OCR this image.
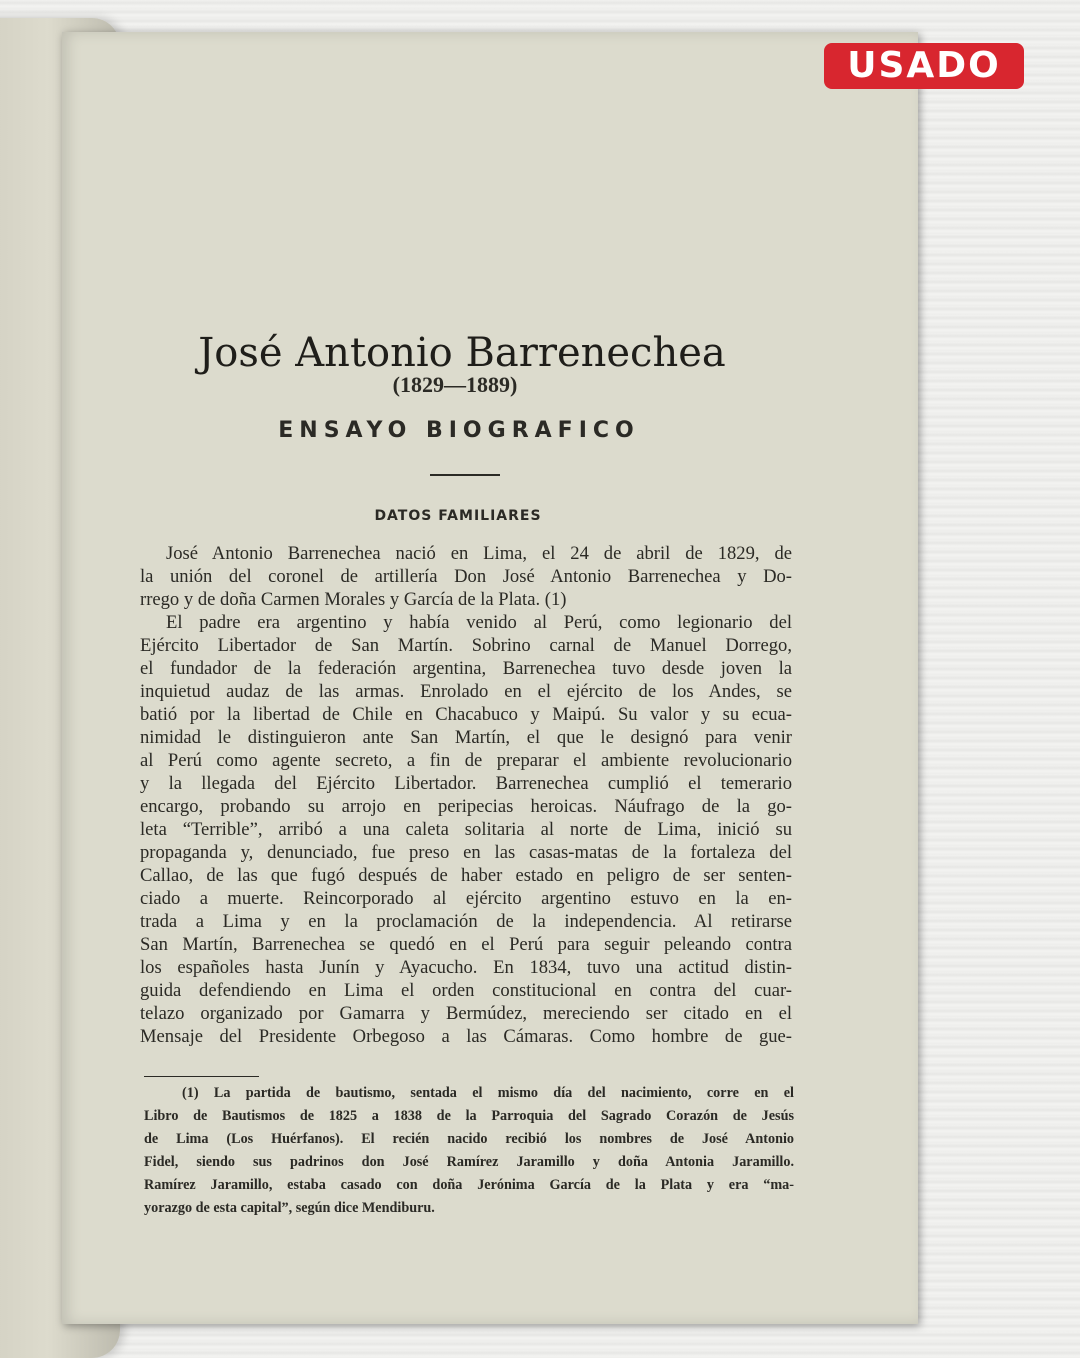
José Antonio Barrenechea
(1829—1889)
ENSAYO BIOGRAFICO
DATOS FAMILIARES
José Antonio Barrenechea nació en Lima, el 24 de abril de 1829, de
la unión del coronel de artillería Don José Antonio Barrenechea y Do-
rrego y de doña Carmen Morales y García de la Plata. (1)
El padre era argentino y había venido al Perú, como legionario del
Ejército Libertador de San Martín. Sobrino carnal de Manuel Dorrego,
el fundador de la federación argentina, Barrenechea tuvo desde joven la
inquietud audaz de las armas. Enrolado en el ejército de los Andes, se
batió por la libertad de Chile en Chacabuco y Maipú. Su valor y su ecua-
nimidad le distinguieron ante San Martín, el que le designó para venir
al Perú como agente secreto, a fin de preparar el ambiente revolucionario
y la llegada del Ejército Libertador. Barrenechea cumplió el temerario
encargo, probando su arrojo en peripecias heroicas. Náufrago de la go-
leta “Terrible”, arribó a una caleta solitaria al norte de Lima, inició su
propaganda y, denunciado, fue preso en las casas-matas de la fortaleza del
Callao, de las que fugó después de haber estado en peligro de ser senten-
ciado a muerte. Reincorporado al ejército argentino estuvo en la en-
trada a Lima y en la proclamación de la independencia. Al retirarse
San Martín, Barrenechea se quedó en el Perú para seguir peleando contra
los españoles hasta Junín y Ayacucho. En 1834, tuvo una actitud distin-
guida defendiendo en Lima el orden constitucional en contra del cuar-
telazo organizado por Gamarra y Bermúdez, mereciendo ser citado en el
Mensaje del Presidente Orbegoso a las Cámaras. Como hombre de gue-
(1) La partida de bautismo, sentada el mismo día del nacimiento, corre en el
Libro de Bautismos de 1825 a 1838 de la Parroquia del Sagrado Corazón de Jesús
de Lima (Los Huérfanos). El recién nacido recibió los nombres de José Antonio
Fidel, siendo sus padrinos don José Ramírez Jaramillo y doña Antonia Jaramillo.
Ramírez Jaramillo, estaba casado con doña Jerónima García de la Plata y era “ma-
yorazgo de esta capital”, según dice Mendiburu.
USADO
